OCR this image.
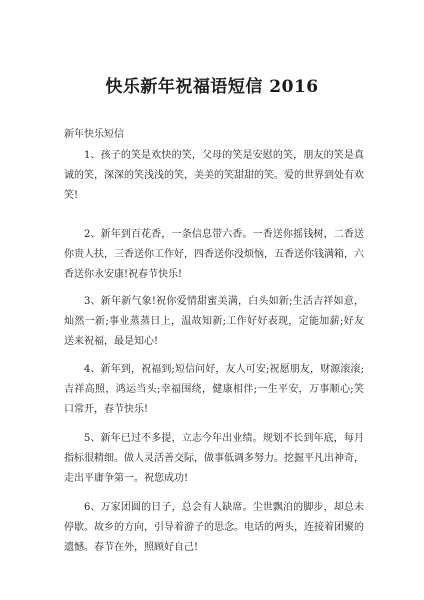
快乐新年祝福语短信 2016
新年快乐短信

1、孩子的笑是欢快的笑，父母的笑是安慰的笑，朋友的笑是真诚的笑，深深的笑浅浅的笑，美美的笑甜甜的笑。爱的世界到处有欢笑!

2、新年到百花香，一条信息带六香。一香送你摇钱树，二香送你贵人扶，三香送你工作好，四香送你没烦恼，五香送你钱满箱，六香送你永安康!祝春节快乐!

3、新年新气象!祝你爱情甜蜜美满，白头如新;生活吉祥如意，灿然一新;事业蒸蒸日上，温故知新;工作好好表现，定能加薪;好友送来祝福，最是知心!

4、新年到，祝福到;短信问好，友人可安;祝愿朋友，财源滚滚;吉祥高照，鸿运当头;幸福围绕，健康相伴;一生平安，万事顺心;笑口常开，春节快乐!

5、新年已过不多提，立志今年出业绩。规划不长到年底，每月指标很精细。做人灵活善交际，做事低调多努力。挖掘平凡出神奇，走出平庸争第一。祝您成功!

6、万家团圆的日子，总会有人缺席。尘世飘泊的脚步，却总未停歇。故乡的方向，引导着游子的思念。电话的两头，连接着团聚的遗憾。春节在外，照顾好自己!
